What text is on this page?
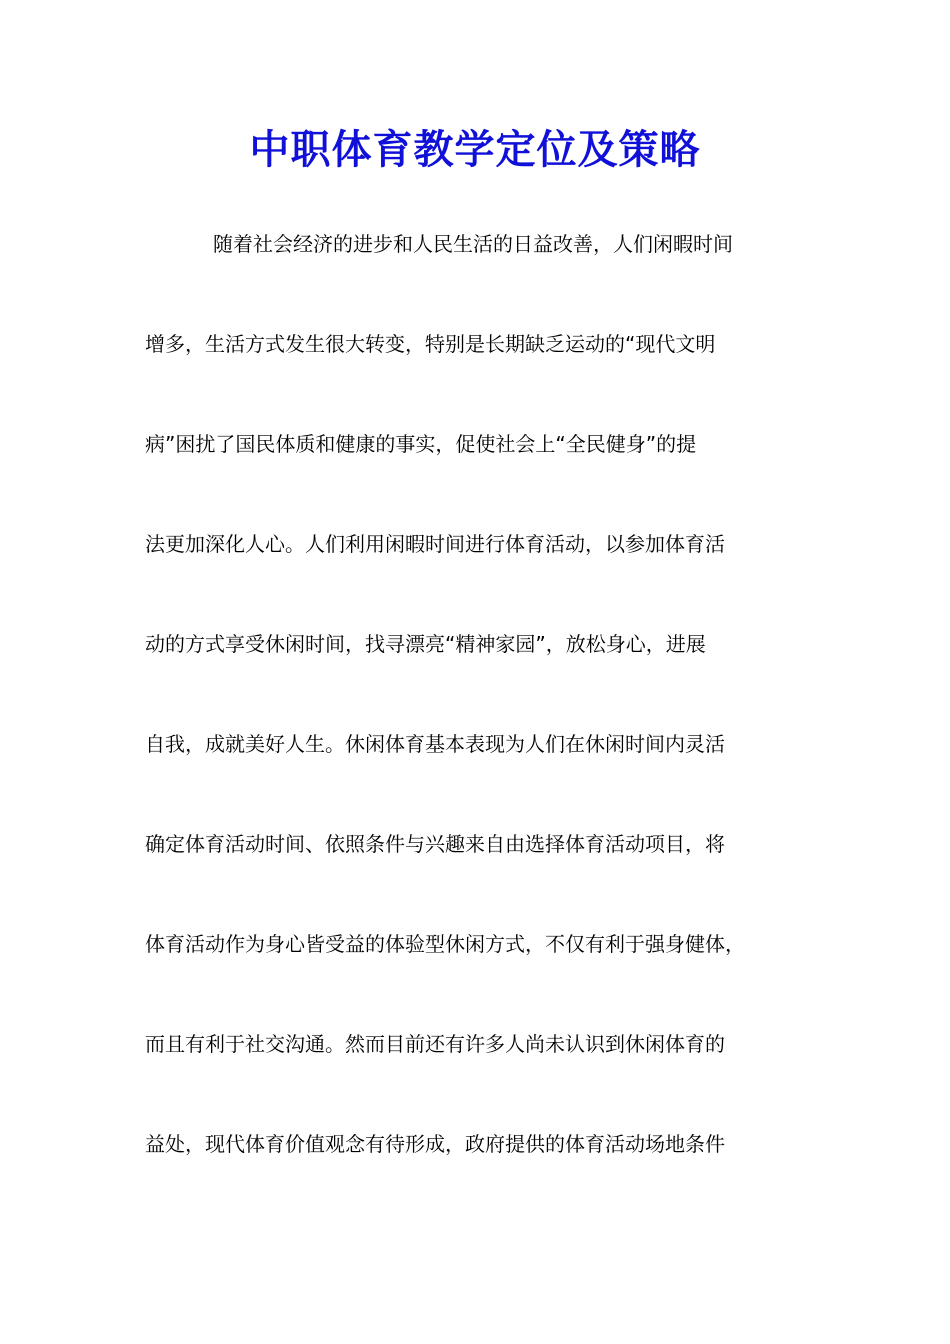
中职体育教学定位及策略
随着社会经济的进步和人民生活的日益改善，人们闲暇时间
增多，生活方式发生很大转变，特别是长期缺乏运动的“现代文明
病”困扰了国民体质和健康的事实，促使社会上“全民健身”的提
法更加深化人心。人们利用闲暇时间进行体育活动，以参加体育活
动的方式享受休闲时间，找寻漂亮“精神家园”，放松身心，进展
自我，成就美好人生。休闲体育基本表现为人们在休闲时间内灵活
确定体育活动时间、依照条件与兴趣来自由选择体育活动项目，将
体育活动作为身心皆受益的体验型休闲方式，不仅有利于强身健体，
而且有利于社交沟通。然而目前还有许多人尚未认识到休闲体育的
益处，现代体育价值观念有待形成，政府提供的体育活动场地条件
